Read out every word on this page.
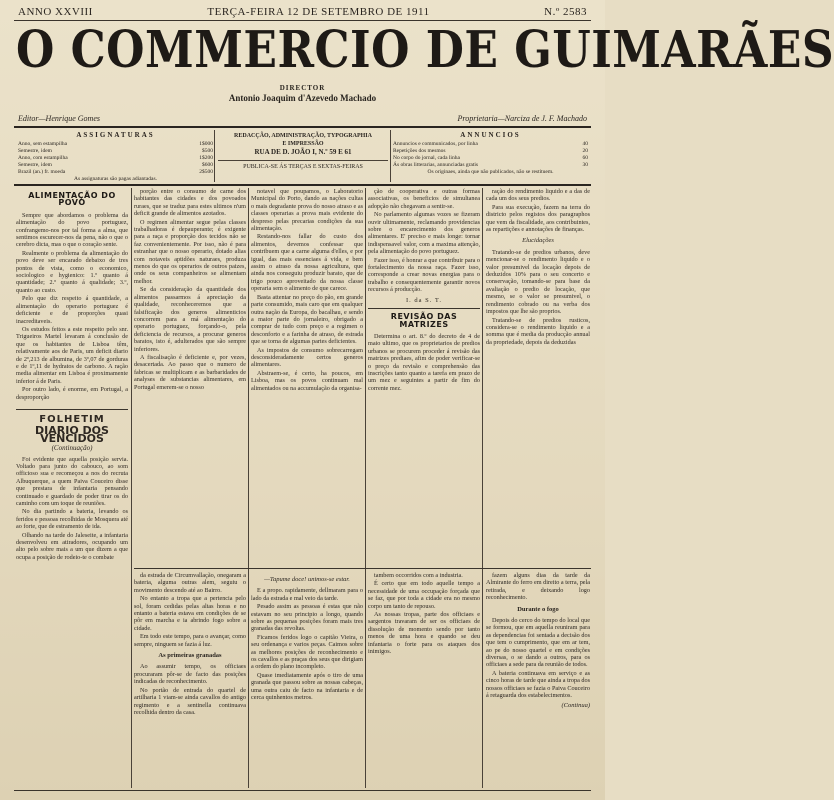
ANNO XXVIII	TERÇA-FEIRA 12 DE SETEMBRO DE 1911	N.º 2583
O COMMERCIO DE GUIMARÃES
DIRECTOR
Antonio Joaquim d'Azevedo Machado
Editor—Henrique Gomes	Proprietaria—Narciza de J. F. Machado
ASSIGNATURAS
Anno, sem estampilha	1$000
Semestre, idem	$500
Anno, com estampilha	1$200
Semestre, idem	$600
Brazil (an.) fr. moeda	2$500
As assignaturas são pagas adiantadas.
REDACÇÃO, ADMINISTRAÇÃO, TYPOGRAPHIA
E IMPRESSÃO
RUA DE D. JOÃO I, N.º 59 E 61
PUBLICA-SE ÁS TERÇAS E SEXTAS-FEIRAS
ANNUNCIOS
Annuncios e communicados, por linha	40
Repetições dos mesmos	20
No corpo do jornal, cada linha	60
Ás obras litterarias, annunciadas gratis	30
Os originaes, ainda que não publicados, não se restituem.
ALIMENTAÇÃO DO POVO

Sempre que abordamos o problema da alimentação do povo portuguez, confrangemo-nos por tal forma a alma, que sentimos escurecer-nos da pena, não o que o cerebro dicta, mas o que o coração sente.

Realmente o problema da alimentação do povo deve ser encarado debaixo de tres pontos de vista, como o economico, sociologico e hygienico: 1.º quanto á quantidade; 2.º quanto á qualidade; 3.º, quanto ao custo.

Pelo que diz respeito á quantidade, a alimentação do operario portuguez é deficiente e de proporções quasi inacreditaveis.

Os estudos feitos a este respeito pelo snr. Trigueiros Martel levaram á conclusão de que os habitantes de Lisboa têm, relativamente aos de Paris, um deficit diario de 2º,213 de albumina, de 3º,07 de gorduras e de 1º,11 de hydratos de carbono. A ração media alimentar em Lisboa é proximamente inferior á de Paris.

Por outro lado, é enorme, em Portugal, a desproporção

FOLHETIM
DIARIO DOS VENCIDOS
(Continuação)

Foi evidente que aquella posição servia. Voltado para junto do cabouco, ao som officioso sua e recomeçou a nos do recruta Albuquerque, a quem Paiva Couceiro disse que prestara de infantaria pensando continuado e guardado de poder tirar os do caminho com um toque de reuniões.

No dia partindo a bateria, levando os feridos e pessoas recolhidas de Mosquera até ao forte, que de estramento de ida.

Olhando na tarde do Jaleseite, a infantaria desenvolveu em atiradores, ocupando um alto pelo sobre mais a um que dizem a que ocupa a posição de rodeio-te o combate

porção entre o consumo de carne dos habitantes das cidades e dos povoados ruraes, que se traduz para estes ultimos n'um deficit grande de alimentos azotados.

O regimen alimentar segue pelas classes trabalhadoras é depauperante; é exigente para a raça e proporção dos tecidos não se faz convenientemente. Por isso, não é para estranhar que o nosso operario, dotado alias com notaveis aptidões naturaes, produza menos do que os operarios de outros paizes, onde os seus companheiros se alimentam melhor.

Se da consideração da quantidade dos alimentos passarmos á apreciação da qualidade, reconheceremos que a falsificação dos generos alimenticios concorrem para a má alimentação do operario portuguez, forçando-o, pela deficiencia de recursos, a procurar generos baratos, isto é, adulterados que são sempre inferiores.

A fiscalisação é deficiente e, por vezes, desacertada. Ao passo que o numero de fabricas se multiplicam e as barbaridades de analyses de substancias alimentares, em Portugal emerem-se o nosso

notavel que poupamos, o Laboratorio Municipal do Porto, dando as nações cultas o mais degradante prova do nosso atraso e as classes operarias a prova mais evidente do despreso pelas precarias condições da sua alimentação.

Restando-nos fallar do custo dos alimentos, devemos confessar que contribuem que a carne alguma d'elles, e por igual, das mais essenciaes á vida, e bem assim o atraso da nossa agricultura, que ainda nos conseguiu produzir barato, que de trigo pouco aproveitado da nossa classe operaria sem o alimento de que carece.

Basta attentar no preço do pão, em grande parte consumido, mais caro que em qualquer outra nação da Europa, do bacalhau, e sendo a maior parte do jornaleiro, obrigado a comprar de tudo com preço e a regimen o desconforto e a farinha de atraso, de estrada que se torna de algumas partes deficientes.

As impostos de consumo sobrecarregam desconsideradamente certos generos alimentares.

Abstraem-se, é certo, ha poucos, em Lisboa, mas os povos continuam mal alimentados ou na accumulação da organisa-

ção de cooperativa e outras formas associativas, os beneficios de simultanea adopção não chegavam a sentir-se.

No parlamento algumas vozes se fizeram ouvir ultimamente, reclamando providencias sobre o encarecimento dos generos alimentares. E' preciso e mais longe: tornar indispensavel valor, com a maxima attenção, pela alimentação do povo portuguez.

Fazer isso, é honrar a que contribuir para o fortalecimento da nossa raça. Fazer isso, corresponde a crear novas energias para o trabalho e consequentemente garantir novos recursos á producção.

I. da S. T.
REVISÃO DAS MATRIZES

Determina o art. 8.º do decreto de 4 de maio ultimo, que os proprietarios de predios urbanos se procurem proceder á revisão das matrizes prediaes, afim de poder verificar-se o preço da revisão e comprehensão das inscrições tanto quanto a tarefa em prazo de um mez e seguintes a partir de fim do corrente mez.

ração do rendimento liquido e a das de cada um dos seus predios.

Para sua execução, fazem na terra do districto pelos registos dos paragraphos que vem da fiscalidade, aos contribuintes, as repartições e annotações de finanças.

Elucidações

Tratando-se de predios urbanos, deve mencionar-se o rendimento liquido e o valor presumivel da locação depois de deduzidos 10% para o seu concerto e conservação, tomando-se para base da avaliação o predio de locação, que mesmo, se o valor se presumivel, o rendimento cobrado ou na verba dos impostos que lhe são proprios.

Tratando-se de predios rusticos, considera-se o rendimento liquido e a somma que é media da producção annual da propriedade, depois da deduzidas

da estrada de Circumvallação, onegaram a bateria, alguma outras alem, seguiu o movimento descendo até ao Bairro.

No entanto a tropa que a pertencia pelo sol, foram cedidas pelas altas horas e no entanto a bateria estava em condições de se pôr em marcha e ia abrindo fogo sobre a cidade.

Em todo este tempo, para o avançar, como sempre, ninguem se fazia á luz.

As primeiras granadas

Ao assumir tempo, os officiaes procuraram pôr-se de facto das posições indicadas de reconhecimento.

No portão de entrada do quartel de artilharia 1 viam-se ainda cavallos do antigo regimento e a sentinella continuava recolhida dentro da casa.

—Tapume doce! unimos-se estar.

E a propo. rapidamente, dellmaram para o lado da estrada e mal veio da tarde.

Pesado assim as pessoas é estas que não estavam no seu principio a longo, quando sobre as pequenas posições foram mais tres granadas das revoltas.

Ficamos feridos logo o capitão Vieira, o seu ordenança e varios peças. Caimos sobre as melhores posições de reconhecimento e os cavallos e as praças dos seus que dirigiam a ordem do plano incompleto.

Quase imediatamente após o tiro de uma granada que passou sobre as nossas cabeças, uma outra caiu de facto na infantaria e de cerca quinhentos metros.

tambem occorridos com a industria.

É certo que em todo aquelle tempo a necessidade de uma occupação forçada que se faz, que por toda a cidade era no mesmo corpo um tanto de repouso.

As nossas tropas, parte dos officiaes e sargentos travaram de ser os officiaes de dissolução de momento sendo por tanto menos de uma hora e quando se deu infantaria o forte para os ataques dos inimigos.

fazem alguns dias da tarde da Almirante do ferro em direito a terra, pela retirada, e deixando logo reconhecimento.

Durante o fogo

Depois do cerco do tempo do local que se formou, que em aquella reuniram para as dependencias foi sentada a decisão dos que tem o cumprimento, que em ar tem, ao pe do nosso quartel e em condições diversas, o se dando a outros, para os officiaes a sede para da reunião de todos.

A bateria continuava em serviço e as cinco horas de tarde que ainda a tropa dos nossos officiaes se fazia o Paiva Couceiro á retaguarda dos estabelecimentos.

(Continua)
